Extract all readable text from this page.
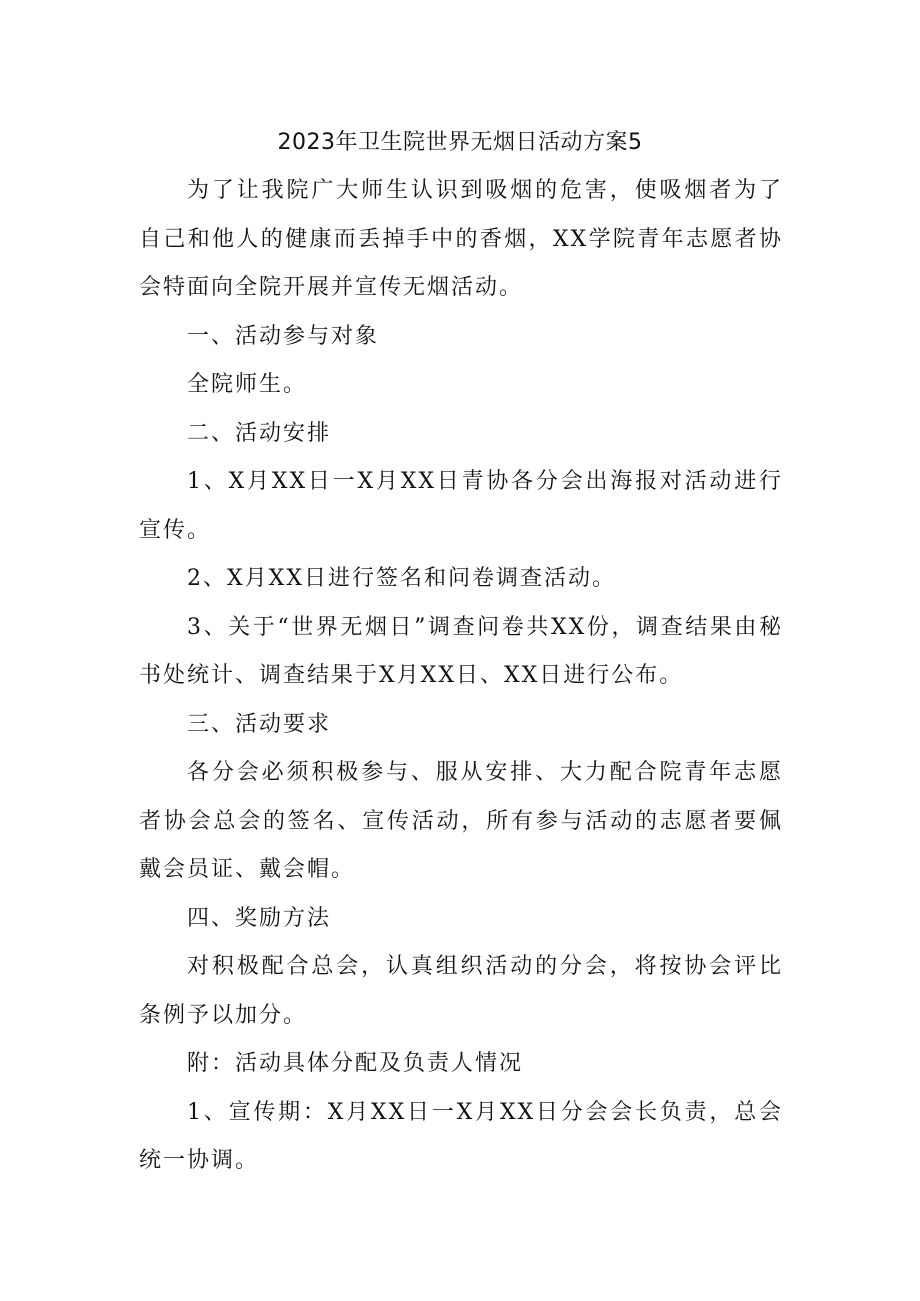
2023年卫生院世界无烟日活动方案5

为了让我院广大师生认识到吸烟的危害，使吸烟者为了自己和他人的健康而丢掉手中的香烟，XX学院青年志愿者协会特面向全院开展并宣传无烟活动。

一、活动参与对象

全院师生。

二、活动安排

1、X月XX日一X月XX日青协各分会出海报对活动进行宣传。

2、X月XX日进行签名和问卷调查活动。

3、关于“世界无烟日”调查问卷共XX份，调查结果由秘书处统计、调查结果于X月XX日、XX日进行公布。

三、活动要求

各分会必须积极参与、服从安排、大力配合院青年志愿者协会总会的签名、宣传活动，所有参与活动的志愿者要佩戴会员证、戴会帽。

四、奖励方法

对积极配合总会，认真组织活动的分会，将按协会评比条例予以加分。

附：活动具体分配及负责人情况

1、宣传期：X月XX日一X月XX日分会会长负责，总会统一协调。
